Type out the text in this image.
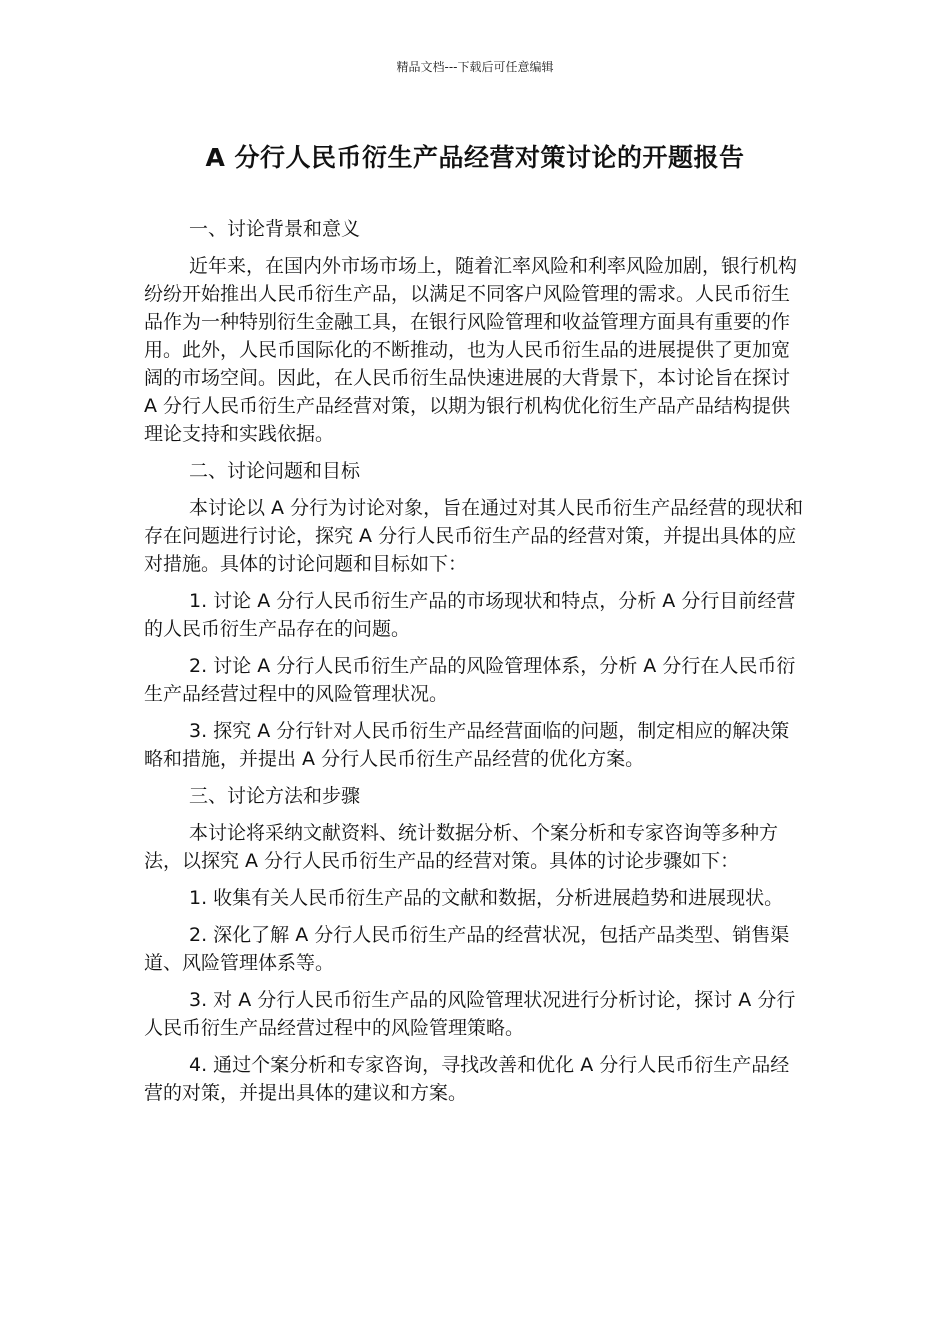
精品文档---下载后可任意编辑
A 分行人民币衍生产品经营对策讨论的开题报告

一、讨论背景和意义

近年来，在国内外市场市场上，随着汇率风险和利率风险加剧，银行机构纷纷开始推出人民币衍生产品，以满足不同客户风险管理的需求。人民币衍生品作为一种特别衍生金融工具，在银行风险管理和收益管理方面具有重要的作用。此外，人民币国际化的不断推动，也为人民币衍生品的进展提供了更加宽阔的市场空间。因此，在人民币衍生品快速进展的大背景下，本讨论旨在探讨 A 分行人民币衍生产品经营对策，以期为银行机构优化衍生产品产品结构提供理论支持和实践依据。

二、讨论问题和目标

本讨论以 A 分行为讨论对象，旨在通过对其人民币衍生产品经营的现状和存在问题进行讨论，探究 A 分行人民币衍生产品的经营对策，并提出具体的应对措施。具体的讨论问题和目标如下：

1. 讨论 A 分行人民币衍生产品的市场现状和特点，分析 A 分行目前经营的人民币衍生产品存在的问题。

2. 讨论 A 分行人民币衍生产品的风险管理体系，分析 A 分行在人民币衍生产品经营过程中的风险管理状况。

3. 探究 A 分行针对人民币衍生产品经营面临的问题，制定相应的解决策略和措施，并提出 A 分行人民币衍生产品经营的优化方案。

三、讨论方法和步骤

本讨论将采纳文献资料、统计数据分析、个案分析和专家咨询等多种方法，以探究 A 分行人民币衍生产品的经营对策。具体的讨论步骤如下：

1. 收集有关人民币衍生产品的文献和数据，分析进展趋势和进展现状。

2. 深化了解 A 分行人民币衍生产品的经营状况，包括产品类型、销售渠道、风险管理体系等。

3. 对 A 分行人民币衍生产品的风险管理状况进行分析讨论，探讨 A 分行人民币衍生产品经营过程中的风险管理策略。

4. 通过个案分析和专家咨询，寻找改善和优化 A 分行人民币衍生产品经营的对策，并提出具体的建议和方案。
